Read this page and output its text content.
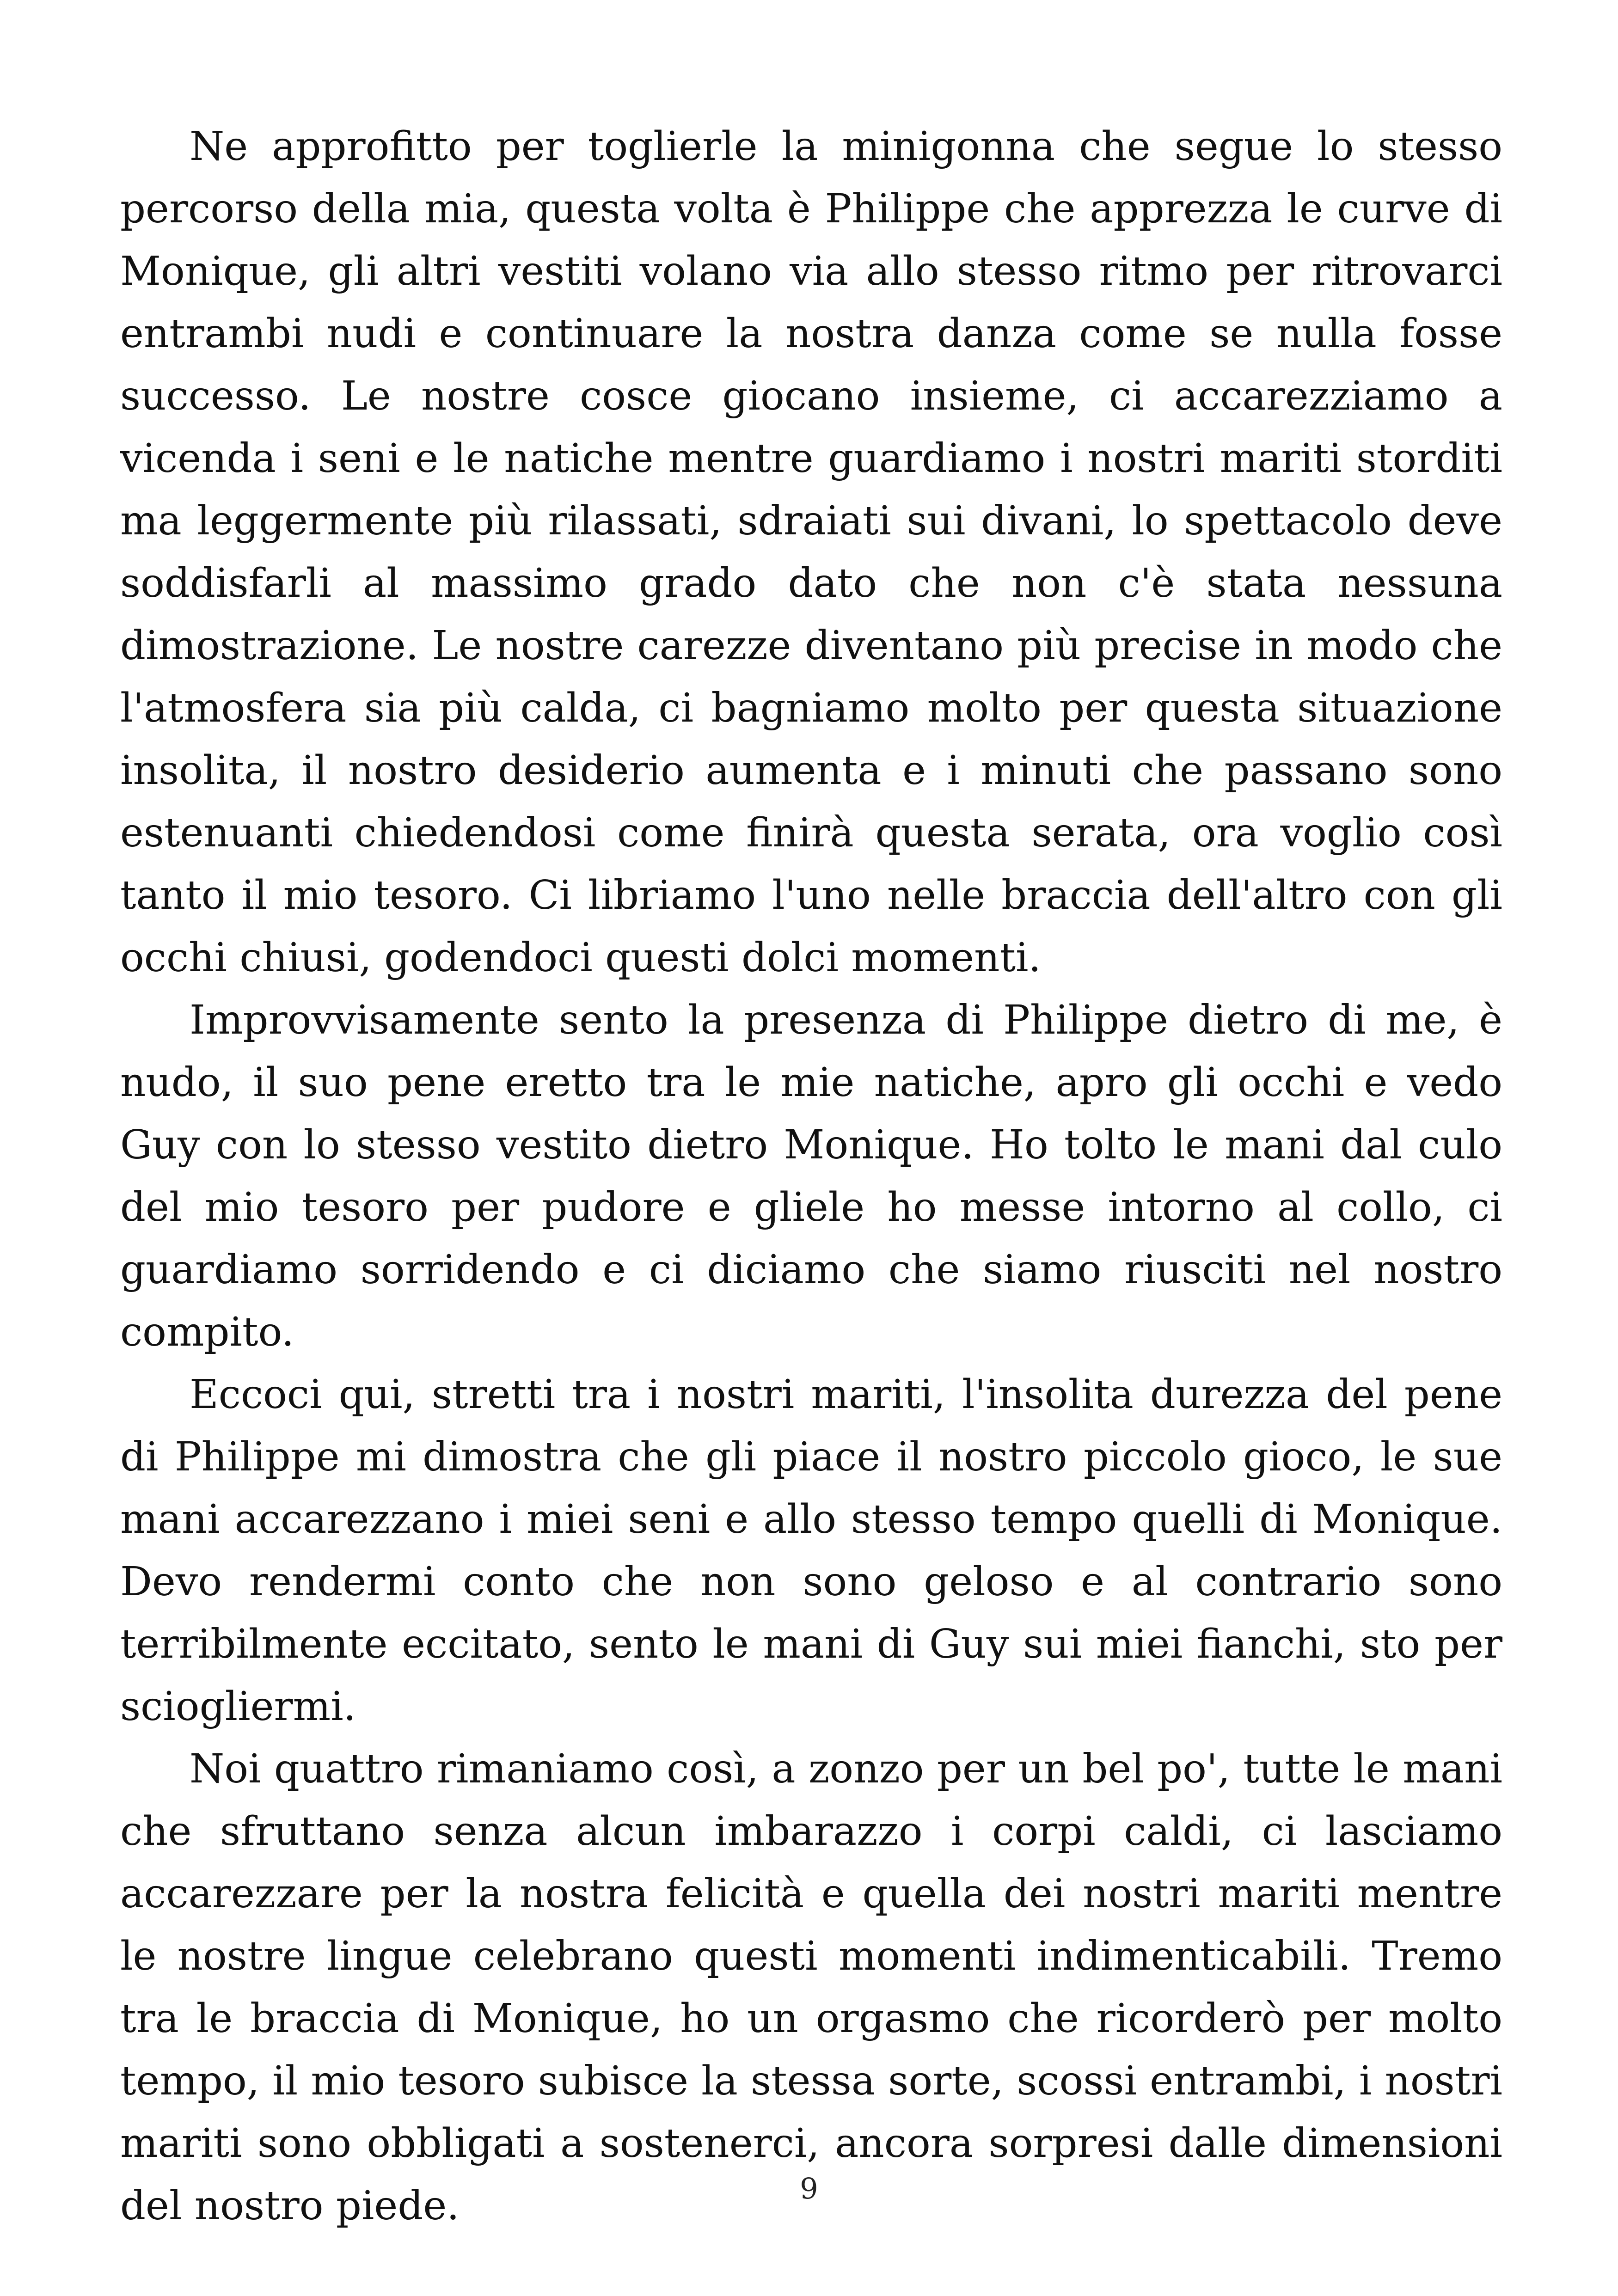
Ne approfitto per toglierle la minigonna che segue lo stesso percorso della mia, questa volta è Philippe che apprezza le curve di Monique, gli altri vestiti volano via allo stesso ritmo per ritrovarci entrambi nudi e continuare la nostra danza come se nulla fosse successo. Le nostre cosce giocano insieme, ci accarezziamo a vicenda i seni e le natiche mentre guardiamo i nostri mariti storditi ma leggermente più rilassati, sdraiati sui divani, lo spettacolo deve soddisfarli al massimo grado dato che non c'è stata nessuna dimostrazione. Le nostre carezze diventano più precise in modo che l'atmosfera sia più calda, ci bagniamo molto per questa situazione insolita, il nostro desiderio aumenta e i minuti che passano sono estenuanti chiedendosi come finirà questa serata, ora voglio così tanto il mio tesoro. Ci libriamo l'uno nelle braccia dell'altro con gli occhi chiusi, godendoci questi dolci momenti.

Improvvisamente sento la presenza di Philippe dietro di me, è nudo, il suo pene eretto tra le mie natiche, apro gli occhi e vedo Guy con lo stesso vestito dietro Monique. Ho tolto le mani dal culo del mio tesoro per pudore e gliele ho messe intorno al collo, ci guardiamo sorridendo e ci diciamo che siamo riusciti nel nostro compito.

Eccoci qui, stretti tra i nostri mariti, l'insolita durezza del pene di Philippe mi dimostra che gli piace il nostro piccolo gioco, le sue mani accarezzano i miei seni e allo stesso tempo quelli di Monique. Devo rendermi conto che non sono geloso e al contrario sono terribilmente eccitato, sento le mani di Guy sui miei fianchi, sto per sciogliermi.

Noi quattro rimaniamo così, a zonzo per un bel po', tutte le mani che sfruttano senza alcun imbarazzo i corpi caldi, ci lasciamo accarezzare per la nostra felicità e quella dei nostri mariti mentre le nostre lingue celebrano questi momenti indimenticabili. Tremo tra le braccia di Monique, ho un orgasmo che ricorderò per molto tempo, il mio tesoro subisce la stessa sorte, scossi entrambi, i nostri mariti sono obbligati a sostenerci, ancora sorpresi dalle dimensioni del nostro piede.	9
